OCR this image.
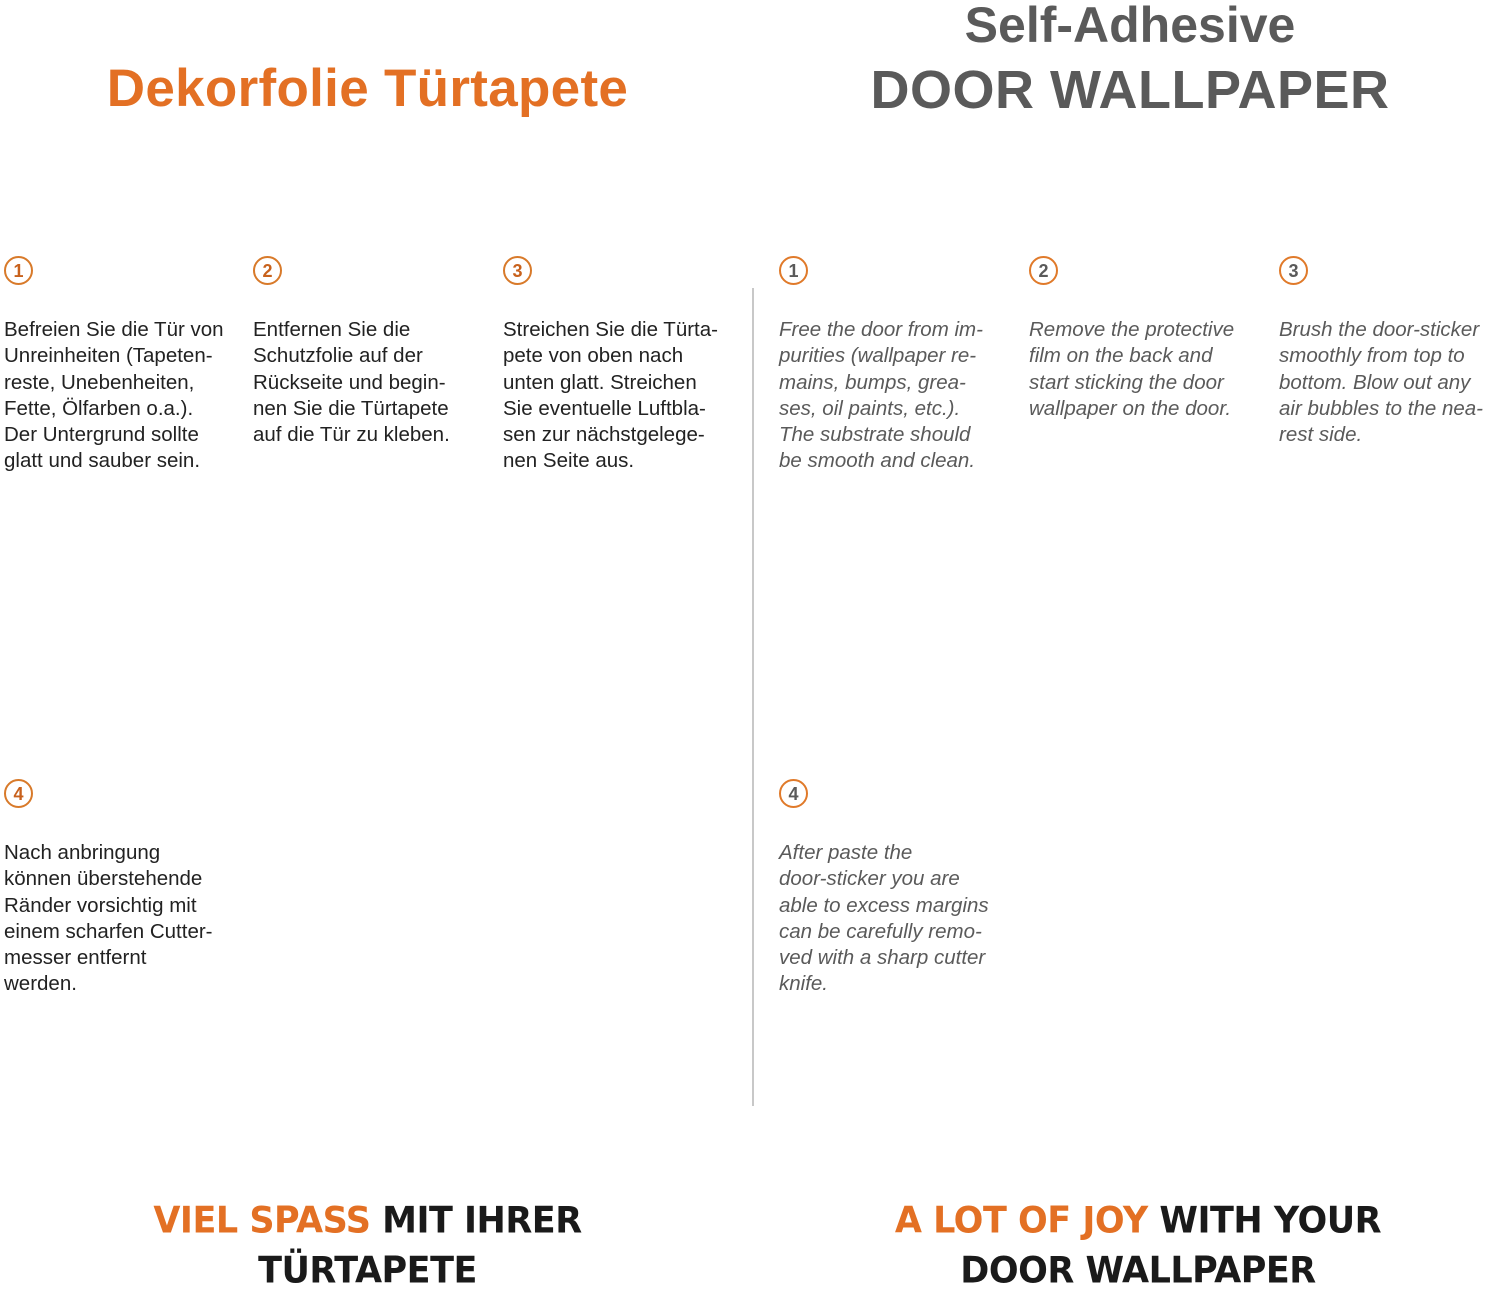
Dekorfolie Türtapete
Self-Adhesive
DOOR WALLPAPER
1
Befreien Sie die Tür von
Unreinheiten (Tapeten-
reste, Unebenheiten,
Fette, Ölfarben o.a.).
Der Untergrund sollte
glatt und sauber sein.
2
Entfernen Sie die
Schutzfolie auf der
Rückseite und begin-
nen Sie die Türtapete
auf die Tür zu kleben.
3
Streichen Sie die Türta-
pete von oben nach
unten glatt. Streichen
Sie eventuelle Luftbla-
sen zur nächstgelege-
nen Seite aus.
4
Nach anbringung
können überstehende
Ränder vorsichtig mit
einem scharfen Cutter-
messer entfernt
werden.
1
Free the door from im-
purities (wallpaper re-
mains, bumps, grea-
ses, oil paints, etc.).
The substrate should
be smooth and clean.
2
Remove the protective
film on the back and
start sticking the door
wallpaper on the door.
3
Brush the door-sticker
smoothly from top to
bottom. Blow out any
air bubbles to the nea-
rest side.
4
After paste the
door-sticker you are
able to excess margins
can be carefully remo-
ved with a sharp cutter
knife.

VIEL SPASS MIT IHRER
TÜRTAPETE

A LOT OF JOY WITH YOUR
DOOR WALLPAPER
